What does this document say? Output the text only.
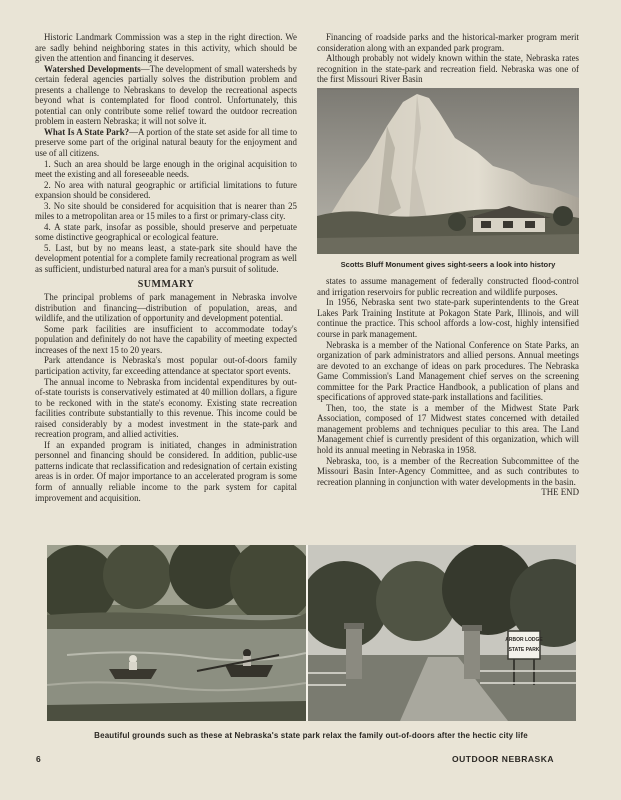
Historic Landmark Commission was a step in the right direction. We are sadly behind neighboring states in this activity, which should be given the attention and financing it deserves.

Watershed Developments—The development of small watersheds by certain federal agencies partially solves the distribution problem and presents a challenge to Nebraskans to develop the recreational aspects beyond what is contemplated for flood control. Unfortunately, this potential can only contribute some relief toward the outdoor recreation problem in eastern Nebraska; it will not solve it.

What Is A State Park?—A portion of the state set aside for all time to preserve some part of the original natural beauty for the enjoyment and use of all citizens.

1. Such an area should be large enough in the original acquisition to meet the existing and all foreseeable needs.

2. No area with natural geographic or artificial limitations to future expansion should be considered.

3. No site should be considered for acquisition that is nearer than 25 miles to a metropolitan area or 15 miles to a first or primary-class city.

4. A state park, insofar as possible, should preserve and perpetuate some distinctive geographical or ecological feature.

5. Last, but by no means least, a state-park site should have the development potential for a complete family recreational program as well as sufficient, undisturbed natural area for a man's pursuit of solitude.

SUMMARY

The principal problems of park management in Nebraska involve distribution and financing—distribution of population, areas, and wildlife, and the utilization of opportunity and development potential.

Some park facilities are insufficient to accommodate today's population and definitely do not have the capability of meeting expected increases of the next 15 to 20 years.

Park attendance is Nebraska's most popular out-of-doors family participation activity, far exceeding attendance at spectator sport events.

The annual income to Nebraska from incidental expenditures by out-of-state tourists is conservatively estimated at 40 million dollars, a figure to be reckoned with in the state's economy. Existing state recreation facilities contribute substantially to this revenue. This income could be raised considerably by a modest investment in the state-park and recreation program, and allied activities.

If an expanded program is initiated, changes in administration personnel and financing should be considered. In addition, public-use patterns indicate that reclassification and redesignation of certain existing areas is in order. Of major importance to an accelerated program is some form of annually reliable income to the park system for capital improvement and acquisition.

Financing of roadside parks and the historical-marker program merit consideration along with an expanded park program.

Although probably not widely known within the state, Nebraska rates recognition in the state-park and recreation field. Nebraska was one of the first Missouri River Basin

Scotts Bluff Monument gives sight-seers a look into history

states to assume management of federally constructed flood-control and irrigation reservoirs for public recreation and wildlife purposes.

In 1956, Nebraska sent two state-park superintendents to the Great Lakes Park Training Institute at Pokagon State Park, Illinois, and will continue the practice. This school affords a low-cost, highly intensified course in park management.

Nebraska is a member of the National Conference on State Parks, an organization of park administrators and allied persons. Annual meetings are devoted to an exchange of ideas on park procedures. The Nebraska Game Commission's Land Management chief serves on the screening committee for the Park Practice Handbook, a publication of plans and specifications of approved state-park installations and facilities.

Then, too, the state is a member of the Midwest State Park Association, composed of 17 Midwest states concerned with detailed management problems and techniques peculiar to this area. The Land Management chief is currently president of this organization, which will hold its annual meeting in Nebraska in 1958.

Nebraska, too, is a member of the Recreation Subcommittee of the Missouri Basin Inter-Agency Committee, and as such contributes to recreation planning in conjunction with water developments in the basin.
THE END

ARBOR LODGE
STATE PARK
Beautiful grounds such as these at Nebraska's state park relax the family out-of-doors after the hectic city life
6	OUTDOOR NEBRASKA
